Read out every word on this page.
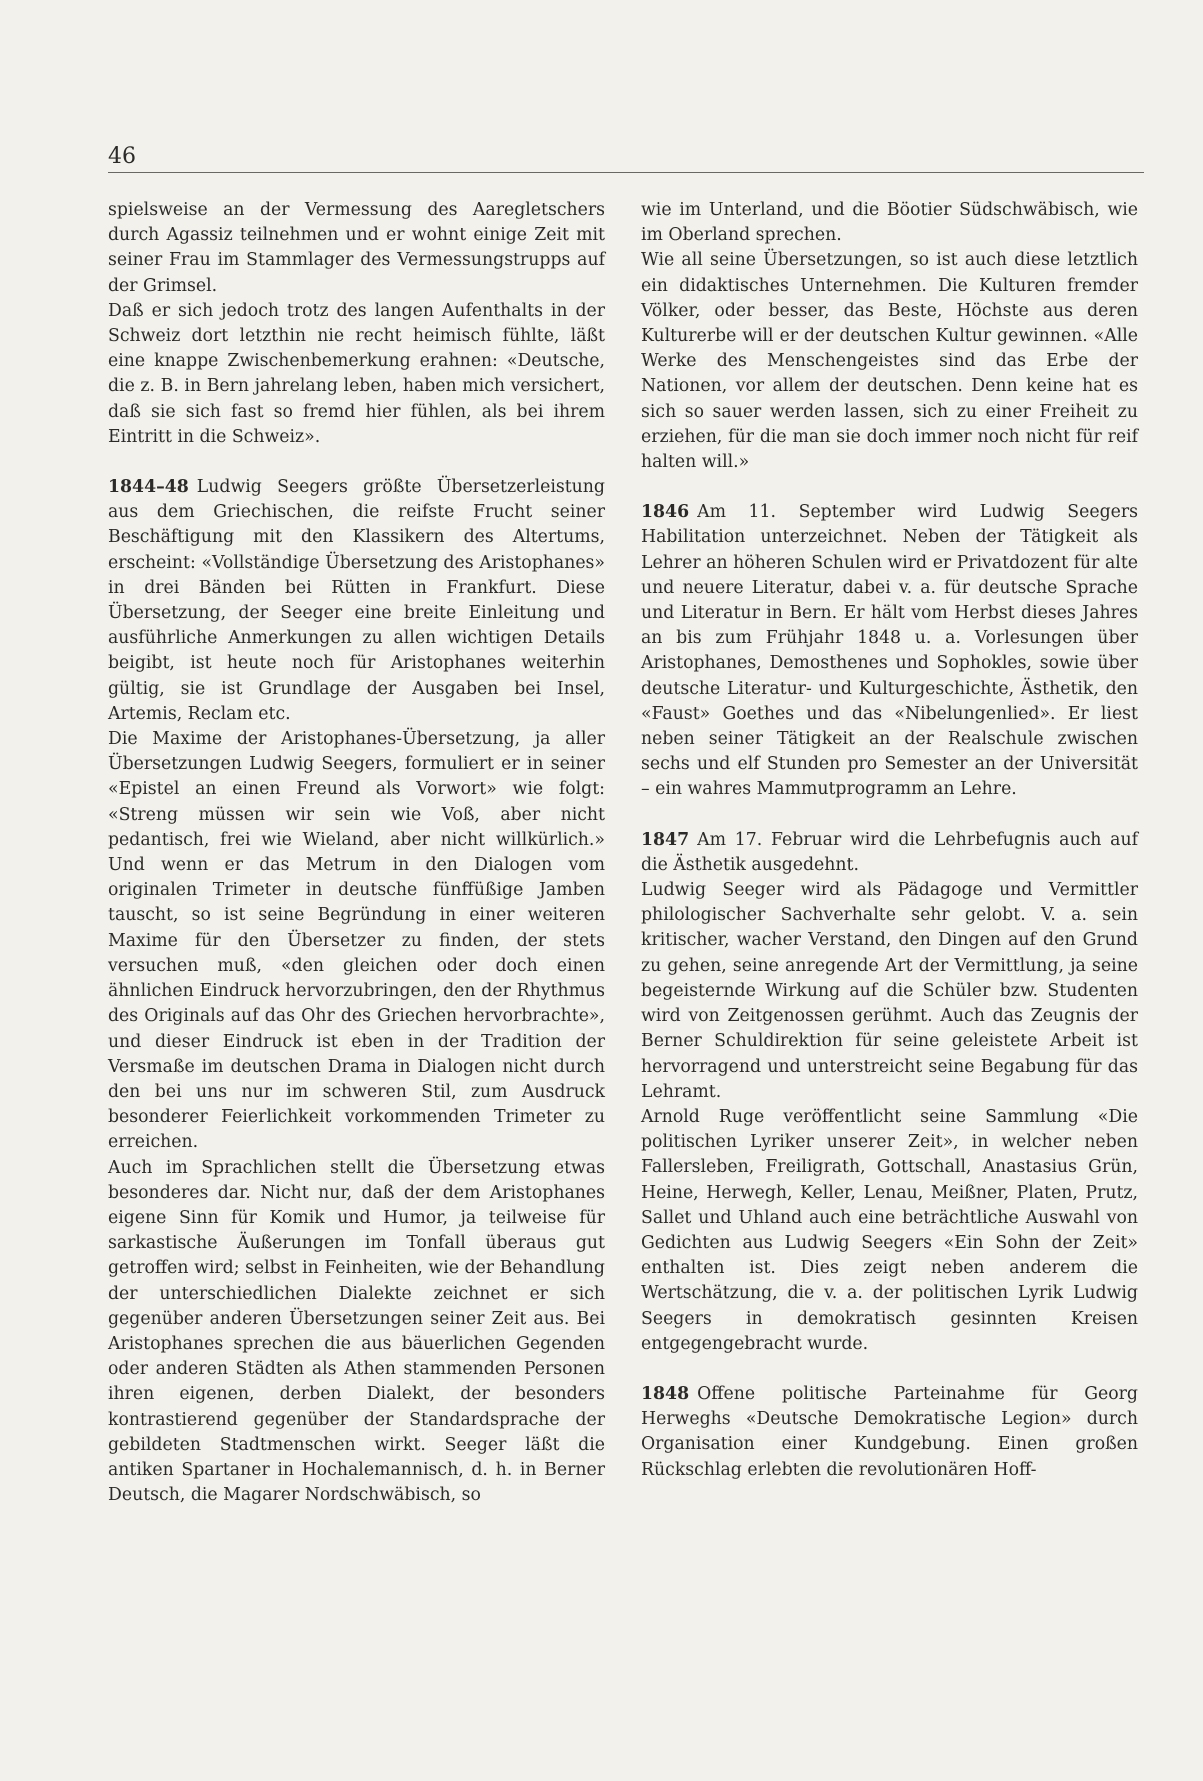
46

spielsweise an der Vermessung des Aaregletschers durch Agassiz teilnehmen und er wohnt einige Zeit mit seiner Frau im Stammlager des Vermessungstrupps auf der Grimsel.

Daß er sich jedoch trotz des langen Aufenthalts in der Schweiz dort letzthin nie recht heimisch fühlte, läßt eine knappe Zwischenbemerkung erahnen: «Deutsche, die z. B. in Bern jahrelang leben, haben mich versichert, daß sie sich fast so fremd hier fühlen, als bei ihrem Eintritt in die Schweiz».

1844–48 Ludwig Seegers größte Übersetzerleistung aus dem Griechischen, die reifste Frucht seiner Beschäftigung mit den Klassikern des Altertums, erscheint: «Vollständige Übersetzung des Aristophanes» in drei Bänden bei Rütten in Frankfurt. Diese Übersetzung, der Seeger eine breite Einleitung und ausführliche Anmerkungen zu allen wichtigen Details beigibt, ist heute noch für Aristophanes weiterhin gültig, sie ist Grundlage der Ausgaben bei Insel, Artemis, Reclam etc.

Die Maxime der Aristophanes-Übersetzung, ja aller Übersetzungen Ludwig Seegers, formuliert er in seiner «Epistel an einen Freund als Vorwort» wie folgt: «Streng müssen wir sein wie Voß, aber nicht pedantisch, frei wie Wieland, aber nicht willkürlich.» Und wenn er das Metrum in den Dialogen vom originalen Trimeter in deutsche fünffüßige Jamben tauscht, so ist seine Begründung in einer weiteren Maxime für den Übersetzer zu finden, der stets versuchen muß, «den gleichen oder doch einen ähnlichen Eindruck hervorzubringen, den der Rhythmus des Originals auf das Ohr des Griechen hervorbrachte», und dieser Eindruck ist eben in der Tradition der Versmaße im deutschen Drama in Dialogen nicht durch den bei uns nur im schweren Stil, zum Ausdruck besonderer Feierlichkeit vorkommenden Trimeter zu erreichen.

Auch im Sprachlichen stellt die Übersetzung etwas besonderes dar. Nicht nur, daß der dem Aristophanes eigene Sinn für Komik und Humor, ja teilweise für sarkastische Äußerungen im Tonfall überaus gut getroffen wird; selbst in Feinheiten, wie der Behandlung der unterschiedlichen Dialekte zeichnet er sich gegenüber anderen Übersetzungen seiner Zeit aus. Bei Aristophanes sprechen die aus bäuerlichen Gegenden oder anderen Städten als Athen stammenden Personen ihren eigenen, derben Dialekt, der besonders kontrastierend gegenüber der Standardsprache der gebildeten Stadtmenschen wirkt. Seeger läßt die antiken Spartaner in Hochalemannisch, d. h. in Berner Deutsch, die Magarer Nordschwäbisch, so

wie im Unterland, und die Böotier Südschwäbisch, wie im Oberland sprechen.

Wie all seine Übersetzungen, so ist auch diese letztlich ein didaktisches Unternehmen. Die Kulturen fremder Völker, oder besser, das Beste, Höchste aus deren Kulturerbe will er der deutschen Kultur gewinnen. «Alle Werke des Menschengeistes sind das Erbe der Nationen, vor allem der deutschen. Denn keine hat es sich so sauer werden lassen, sich zu einer Freiheit zu erziehen, für die man sie doch immer noch nicht für reif halten will.»

1846 Am 11. September wird Ludwig Seegers Habilitation unterzeichnet. Neben der Tätigkeit als Lehrer an höheren Schulen wird er Privatdozent für alte und neuere Literatur, dabei v. a. für deutsche Sprache und Literatur in Bern. Er hält vom Herbst dieses Jahres an bis zum Frühjahr 1848 u. a. Vorlesungen über Aristophanes, Demosthenes und Sophokles, sowie über deutsche Literatur- und Kulturgeschichte, Ästhetik, den «Faust» Goethes und das «Nibelungenlied». Er liest neben seiner Tätigkeit an der Realschule zwischen sechs und elf Stunden pro Semester an der Universität – ein wahres Mammutprogramm an Lehre.

1847 Am 17. Februar wird die Lehrbefugnis auch auf die Ästhetik ausgedehnt.

Ludwig Seeger wird als Pädagoge und Vermittler philologischer Sachverhalte sehr gelobt. V. a. sein kritischer, wacher Verstand, den Dingen auf den Grund zu gehen, seine anregende Art der Vermittlung, ja seine begeisternde Wirkung auf die Schüler bzw. Studenten wird von Zeitgenossen gerühmt. Auch das Zeugnis der Berner Schuldirektion für seine geleistete Arbeit ist hervorragend und unterstreicht seine Begabung für das Lehramt.

Arnold Ruge veröffentlicht seine Sammlung «Die politischen Lyriker unserer Zeit», in welcher neben Fallersleben, Freiligrath, Gottschall, Anastasius Grün, Heine, Herwegh, Keller, Lenau, Meißner, Platen, Prutz, Sallet und Uhland auch eine beträchtliche Auswahl von Gedichten aus Ludwig Seegers «Ein Sohn der Zeit» enthalten ist. Dies zeigt neben anderem die Wertschätzung, die v. a. der politischen Lyrik Ludwig Seegers in demokratisch gesinnten Kreisen entgegengebracht wurde.

1848 Offene politische Parteinahme für Georg Herweghs «Deutsche Demokratische Legion» durch Organisation einer Kundgebung. Einen großen Rückschlag erlebten die revolutionären Hoff-
